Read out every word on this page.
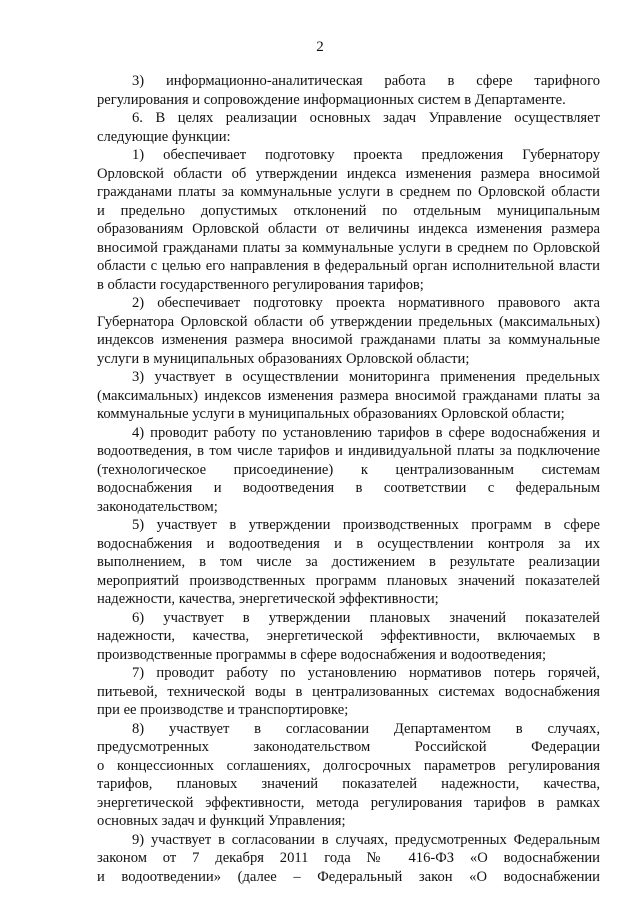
2

3) информационно-аналитическая работа в сфере тарифного

регулирования и сопровождение информационных систем в Департаменте.

6. В целях реализации основных задач Управление осуществляет

следующие функции:

1) обеспечивает подготовку проекта предложения Губернатору

Орловской области об утверждении индекса изменения размера вносимой

гражданами платы за коммунальные услуги в среднем по Орловской области

и предельно допустимых отклонений по отдельным муниципальным

образованиям Орловской области от величины индекса изменения размера

вносимой гражданами платы за коммунальные услуги в среднем по Орловской

области с целью его направления в федеральный орган исполнительной власти

в области государственного регулирования тарифов;

2) обеспечивает подготовку проекта нормативного правового акта

Губернатора Орловской области об утверждении предельных (максимальных)

индексов изменения размера вносимой гражданами платы за коммунальные

услуги в муниципальных образованиях Орловской области;

3) участвует в осуществлении мониторинга применения предельных

(максимальных) индексов изменения размера вносимой гражданами платы за

коммунальные услуги в муниципальных образованиях Орловской области;

4) проводит работу по установлению тарифов в сфере водоснабжения и

водоотведения, в том числе тарифов и индивидуальной платы за подключение

(технологическое присоединение) к централизованным системам

водоснабжения и водоотведения в соответствии с федеральным

законодательством;

5) участвует в утверждении производственных программ в сфере

водоснабжения и водоотведения и в осуществлении контроля за их

выполнением, в том числе за достижением в результате реализации

мероприятий производственных программ плановых значений показателей

надежности, качества, энергетической эффективности;

6) участвует в утверждении плановых значений показателей

надежности, качества, энергетической эффективности, включаемых в

производственные программы в сфере водоснабжения и водоотведения;

7) проводит работу по установлению нормативов потерь горячей,

питьевой, технической воды в централизованных системах водоснабжения

при ее производстве и транспортировке;

8) участвует в согласовании Департаментом в случаях,

предусмотренных законодательством Российской Федерации

о концессионных соглашениях, долгосрочных параметров регулирования

тарифов, плановых значений показателей надежности, качества,

энергетической эффективности, метода регулирования тарифов в рамках

основных задач и функций Управления;

9) участвует в согласовании в случаях, предусмотренных Федеральным

законом от 7 декабря 2011 года № 416-ФЗ «О водоснабжении

и водоотведении» (далее – Федеральный закон «О водоснабжении
